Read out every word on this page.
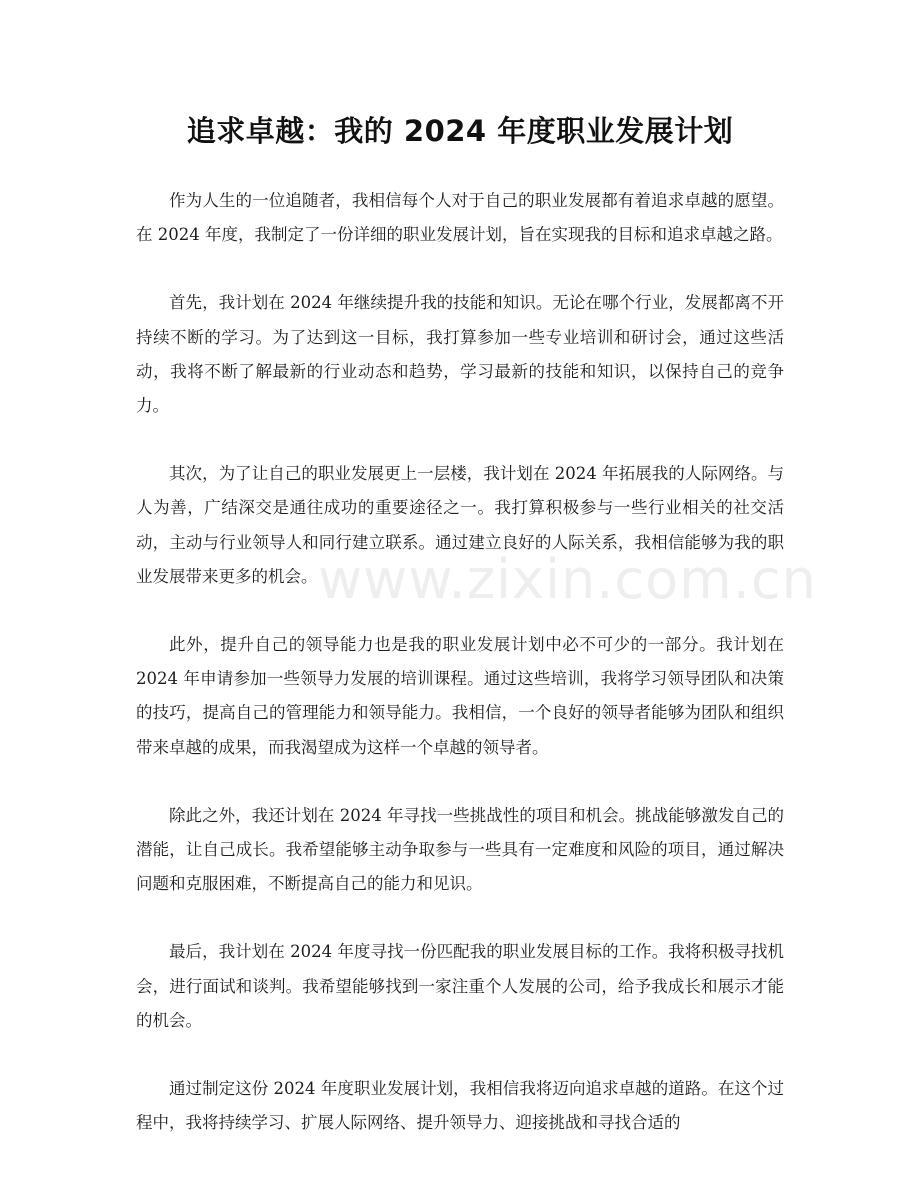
追求卓越：我的 2024 年度职业发展计划

作为人生的一位追随者，我相信每个人对于自己的职业发展都有着追求卓越的愿望。在 2024 年度，我制定了一份详细的职业发展计划，旨在实现我的目标和追求卓越之路。

首先，我计划在 2024 年继续提升我的技能和知识。无论在哪个行业，发展都离不开持续不断的学习。为了达到这一目标，我打算参加一些专业培训和研讨会，通过这些活动，我将不断了解最新的行业动态和趋势，学习最新的技能和知识，以保持自己的竞争力。

其次，为了让自己的职业发展更上一层楼，我计划在 2024 年拓展我的人际网络。与人为善，广结深交是通往成功的重要途径之一。我打算积极参与一些行业相关的社交活动，主动与行业领导人和同行建立联系。通过建立良好的人际关系，我相信能够为我的职业发展带来更多的机会。

此外，提升自己的领导能力也是我的职业发展计划中必不可少的一部分。我计划在 2024 年申请参加一些领导力发展的培训课程。通过这些培训，我将学习领导团队和决策的技巧，提高自己的管理能力和领导能力。我相信，一个良好的领导者能够为团队和组织带来卓越的成果，而我渴望成为这样一个卓越的领导者。

除此之外，我还计划在 2024 年寻找一些挑战性的项目和机会。挑战能够激发自己的潜能，让自己成长。我希望能够主动争取参与一些具有一定难度和风险的项目，通过解决问题和克服困难，不断提高自己的能力和见识。

最后，我计划在 2024 年度寻找一份匹配我的职业发展目标的工作。我将积极寻找机会，进行面试和谈判。我希望能够找到一家注重个人发展的公司，给予我成长和展示才能的机会。

通过制定这份 2024 年度职业发展计划，我相信我将迈向追求卓越的道路。在这个过程中，我将持续学习、扩展人际网络、提升领导力、迎接挑战和寻找合适的

www.zixin.com.cn
